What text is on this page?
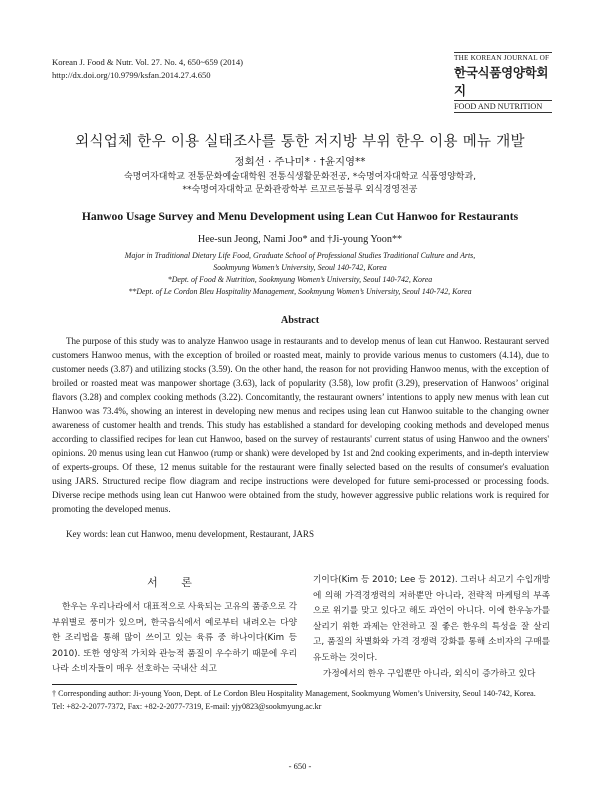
Korean J. Food & Nutr. Vol. 27. No. 4, 650~659 (2014)
http://dx.doi.org/10.9799/ksfan.2014.27.4.650
THE KOREAN JOURNAL OF
한국식품영양학회지
FOOD AND NUTRITION
외식업체 한우 이용 실태조사를 통한 저지방 부위 한우 이용 메뉴 개발
정회선 · 주나미* · †윤지영**
숙명여자대학교 전통문화예술대학원 전통식생활문화전공, *숙명여자대학교 식품영양학과,
**숙명여자대학교 문화관광학부 르꼬르동블루 외식경영전공
Hanwoo Usage Survey and Menu Development using Lean Cut Hanwoo for Restaurants
Hee-sun Jeong, Nami Joo* and †Ji-young Yoon**
Major in Traditional Dietary Life Food, Graduate School of Professional Studies Traditional Culture and Arts,
Sookmyung Women’s University, Seoul 140-742, Korea
*Dept. of Food & Nutrition, Sookmyung Women’s University, Seoul 140-742, Korea
**Dept. of Le Cordon Bleu Hospitality Management, Sookmyung Women’s University, Seoul 140-742, Korea
Abstract
The purpose of this study was to analyze Hanwoo usage in restaurants and to develop menus of lean cut Hanwoo. Restaurant served customers Hanwoo menus, with the exception of broiled or roasted meat, mainly to provide various menus to customers (4.14), due to customer needs (3.87) and utilizing stocks (3.59). On the other hand, the reason for not providing Hanwoo menus, with the exception of broiled or roasted meat was manpower shortage (3.63), lack of popularity (3.58), low profit (3.29), preservation of Hanwoos’ original flavors (3.28) and complex cooking methods (3.22). Concomitantly, the restaurant owners’ intentions to apply new menus with lean cut Hanwoo was 73.4%, showing an interest in developing new menus and recipes using lean cut Hanwoo suitable to the changing owner awareness of customer health and trends. This study has established a standard for developing cooking methods and developed menus according to classified recipes for lean cut Hanwoo, based on the survey of restaurants' current status of using Hanwoo and the owners' opinions. 20 menus using lean cut Hanwoo (rump or shank) were developed by 1st and 2nd cooking experiments, and in-depth interview of experts-groups. Of these, 12 menus suitable for the restaurant were finally selected based on the results of consumer's evaluation using JARS. Structured recipe flow diagram and recipe instructions were developed for future semi-processed or processing foods. Diverse recipe methods using lean cut Hanwoo were obtained from the study, however aggressive public relations work is required for promoting the developed menus.
Key words: lean cut Hanwoo, menu development, Restaurant, JARS
서 론
한우는 우리나라에서 대표적으로 사육되는 고유의 품종으로 각 부위별로 풍미가 있으며, 한국음식에서 예로부터 내려오는 다양한 조리법을 통해 많이 쓰이고 있는 육류 중 하나이다(Kim 등 2010). 또한 영양적 가치와 관능적 품질이 우수하기 때문에 우리나라 소비자들이 매우 선호하는 국내산 쇠고
기이다(Kim 등 2010; Lee 등 2012). 그러나 쇠고기 수입개방에 의해 가격경쟁력의 저하뿐만 아니라, 전략적 마케팅의 부족으로 위기를 맞고 있다고 해도 과언이 아니다. 이에 한우농가를 살리기 위한 과제는 안전하고 질 좋은 한우의 특성을 잘 살리고, 품질의 차별화와 가격 경쟁력 강화를 통해 소비자의 구매를 유도하는 것이다.
가정에서의 한우 구입뿐만 아니라, 외식이 증가하고 있다
† Corresponding author: Ji-young Yoon, Dept. of Le Cordon Bleu Hospitality Management, Sookmyung Women’s University, Seoul 140-742, Korea. Tel: +82-2-2077-7372, Fax: +82-2-2077-7319, E-mail: yjy0823@sookmyung.ac.kr
- 650 -
